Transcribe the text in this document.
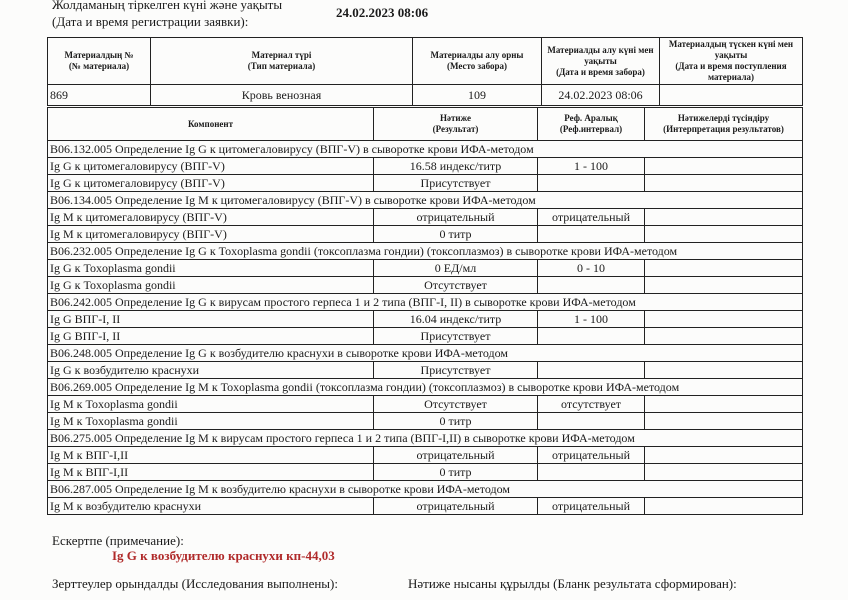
Жолдаманың тіркелген күні және уақыты
(Дата и время регистрации заявки):
24.02.2023 08:06
Материалдың №
(№ материала)	Материал түрі
(Тип материала)	Материалды алу орны
(Место забора)	Материалды алу күні мен уақыты
(Дата и время забора)	Материалдың түскен күні мен уақыты
(Дата и время поступления материала)
869	Кровь венозная	109	24.02.2023 08:06	
Компонент	Нәтиже
(Результат)	Реф. Аралық
(Реф.интервал)	Нәтижелерді түсіндіру
(Интерпретация результатов)
B06.132.005 Определение Ig G к цитомегаловирусу (ВПГ-V) в сыворотке крови ИФА-методом			
Ig G к цитомегаловирусу (ВПГ-V)	16.58 индекс/титр	1 - 100	
Ig G к цитомегаловирусу (ВПГ-V)	Присутствует		
B06.134.005 Определение Ig M к цитомегаловирусу (ВПГ-V) в сыворотке крови ИФА-методом			
Ig M к цитомегаловирусу (ВПГ-V)	отрицательный	отрицательный	
Ig M к цитомегаловирусу (ВПГ-V)	0 титр		
B06.232.005 Определение Ig G к Toxoplasma gondii (токсоплазма гондии) (токсоплазмоз) в сыворотке крови ИФА-методом			
Ig G к Toxoplasma gondii	0 ЕД/мл	0 - 10	
Ig G к Toxoplasma gondii	Отсутствует		
B06.242.005 Определение Ig G к вирусам простого герпеса 1 и 2 типа (ВПГ-I, II) в сыворотке крови ИФА-методом			
Ig G ВПГ-I, II	16.04 индекс/титр	1 - 100	
Ig G ВПГ-I, II	Присутствует		
B06.248.005 Определение Ig G к возбудителю краснухи в сыворотке крови ИФА-методом			
Ig G к возбудителю краснухи	Присутствует		
B06.269.005 Определение Ig M к Toxoplasma gondii (токсоплазма гондии) (токсоплазмоз) в сыворотке крови ИФА-методом			
Ig M к Toxoplasma gondii	Отсутствует	отсутствует	
Ig M к Toxoplasma gondii	0 титр		
B06.275.005 Определение Ig M к вирусам простого герпеса 1 и 2 типа (ВПГ-I,II) в сыворотке крови ИФА-методом			
Ig M к ВПГ-I,II	отрицательный	отрицательный	
Ig M к ВПГ-I,II	0 титр		
B06.287.005 Определение Ig M к возбудителю краснухи в сыворотке крови ИФА-методом			
Ig M к возбудителю краснухи	отрицательный	отрицательный	
Ескертпе (примечание):
Ig G к возбудителю краснухи кп-44,03
Зерттеулер орындалды (Исследования выполнены):	Нәтиже нысаны құрылды (Бланк результата сформирован):
